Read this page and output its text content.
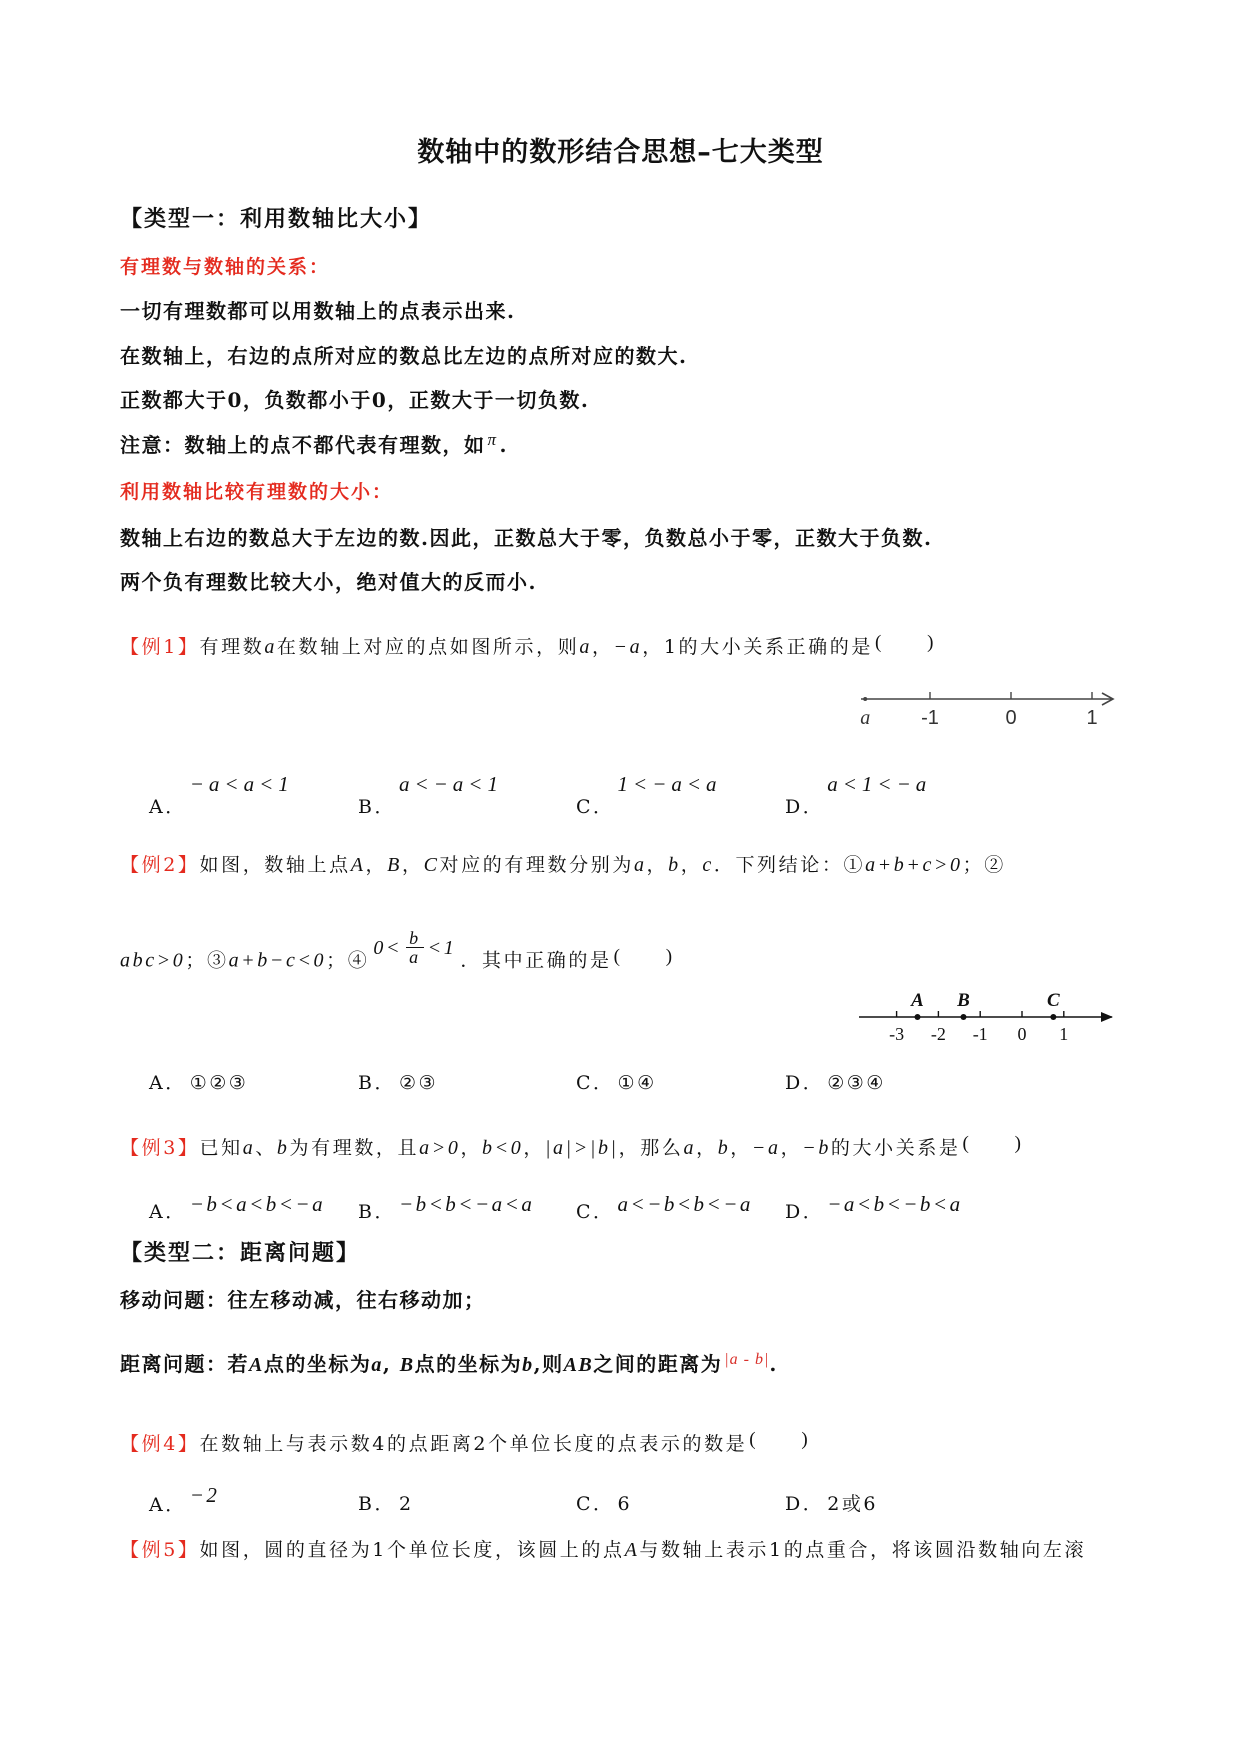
数轴中的数形结合思想–七大类型
【类型一：利用数轴比大小】
有理数与数轴的关系：
一切有理数都可以用数轴上的点表示出来.
在数轴上，右边的点所对应的数总比左边的点所对应的数大.
正数都大于0，负数都小于0，正数大于一切负数.
注意：数轴上的点不都代表有理数，如 $^\pi$ .
利用数轴比较有理数的大小：
数轴上右边的数总大于左边的数.因此，正数总大于零，负数总小于零，正数大于负数.
两个负有理数比较大小，绝对值大的反而小.
【例1】有理数a在数轴上对应的点如图所示，则a，−a，1的大小关系正确的是 (　　)
-1	0	1
a
A．−a<a<1
B．a<−a<1
C．1<−a<a
D．a<1<−a
【例2】如图，数轴上点A，B，C对应的有理数分别为a，b，c．下列结论：①a+b+c>0；②
abc>0；③a+b−c<0；④
$0< \frac{b}{a} <1$
．其中正确的是 (　　)
-3 -2 -1 0 1
A B	C
A． ①②③	B． ②③	C． ①④	D． ②③④
【例3】已知a、b为有理数，且a>0，b<0，|a|>|b|，那么a，b，−a，−b的大小关系是 (　　)
A． −b<a<b<−a B． −b<b<−a<a C． a<−b<b<−a D． −a<b<−b<a
【类型二：距离问题】
移动问题：往左移动减，往右移动加；
距离问题：若A点的坐标为a, B点的坐标为b,则AB之间的距离为 $^{|a - b|}$.
【例4】在数轴上与表示数4的点距离2个单位长度的点表示的数是 (　　)
A． −2	B． 2	C． 6	D． 2或6
【例5】如图，圆的直径为1个单位长度，该圆上的点A与数轴上表示1的点重合，将该圆沿数轴向左滚
